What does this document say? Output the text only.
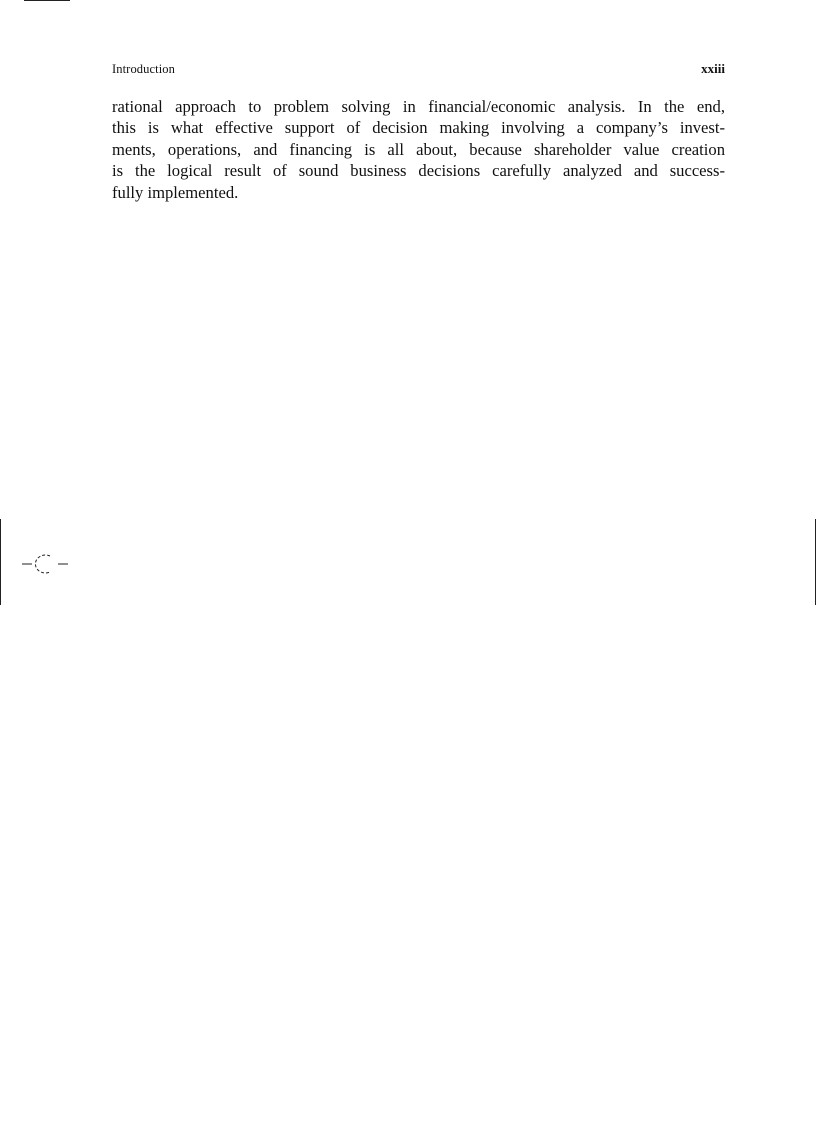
Introduction	xxiii

rational approach to problem solving in financial/economic analysis. In the end,
this is what effective support of decision making involving a company’s invest-
ments, operations, and financing is all about, because shareholder value creation
is the logical result of sound business decisions carefully analyzed and success-
fully implemented.
